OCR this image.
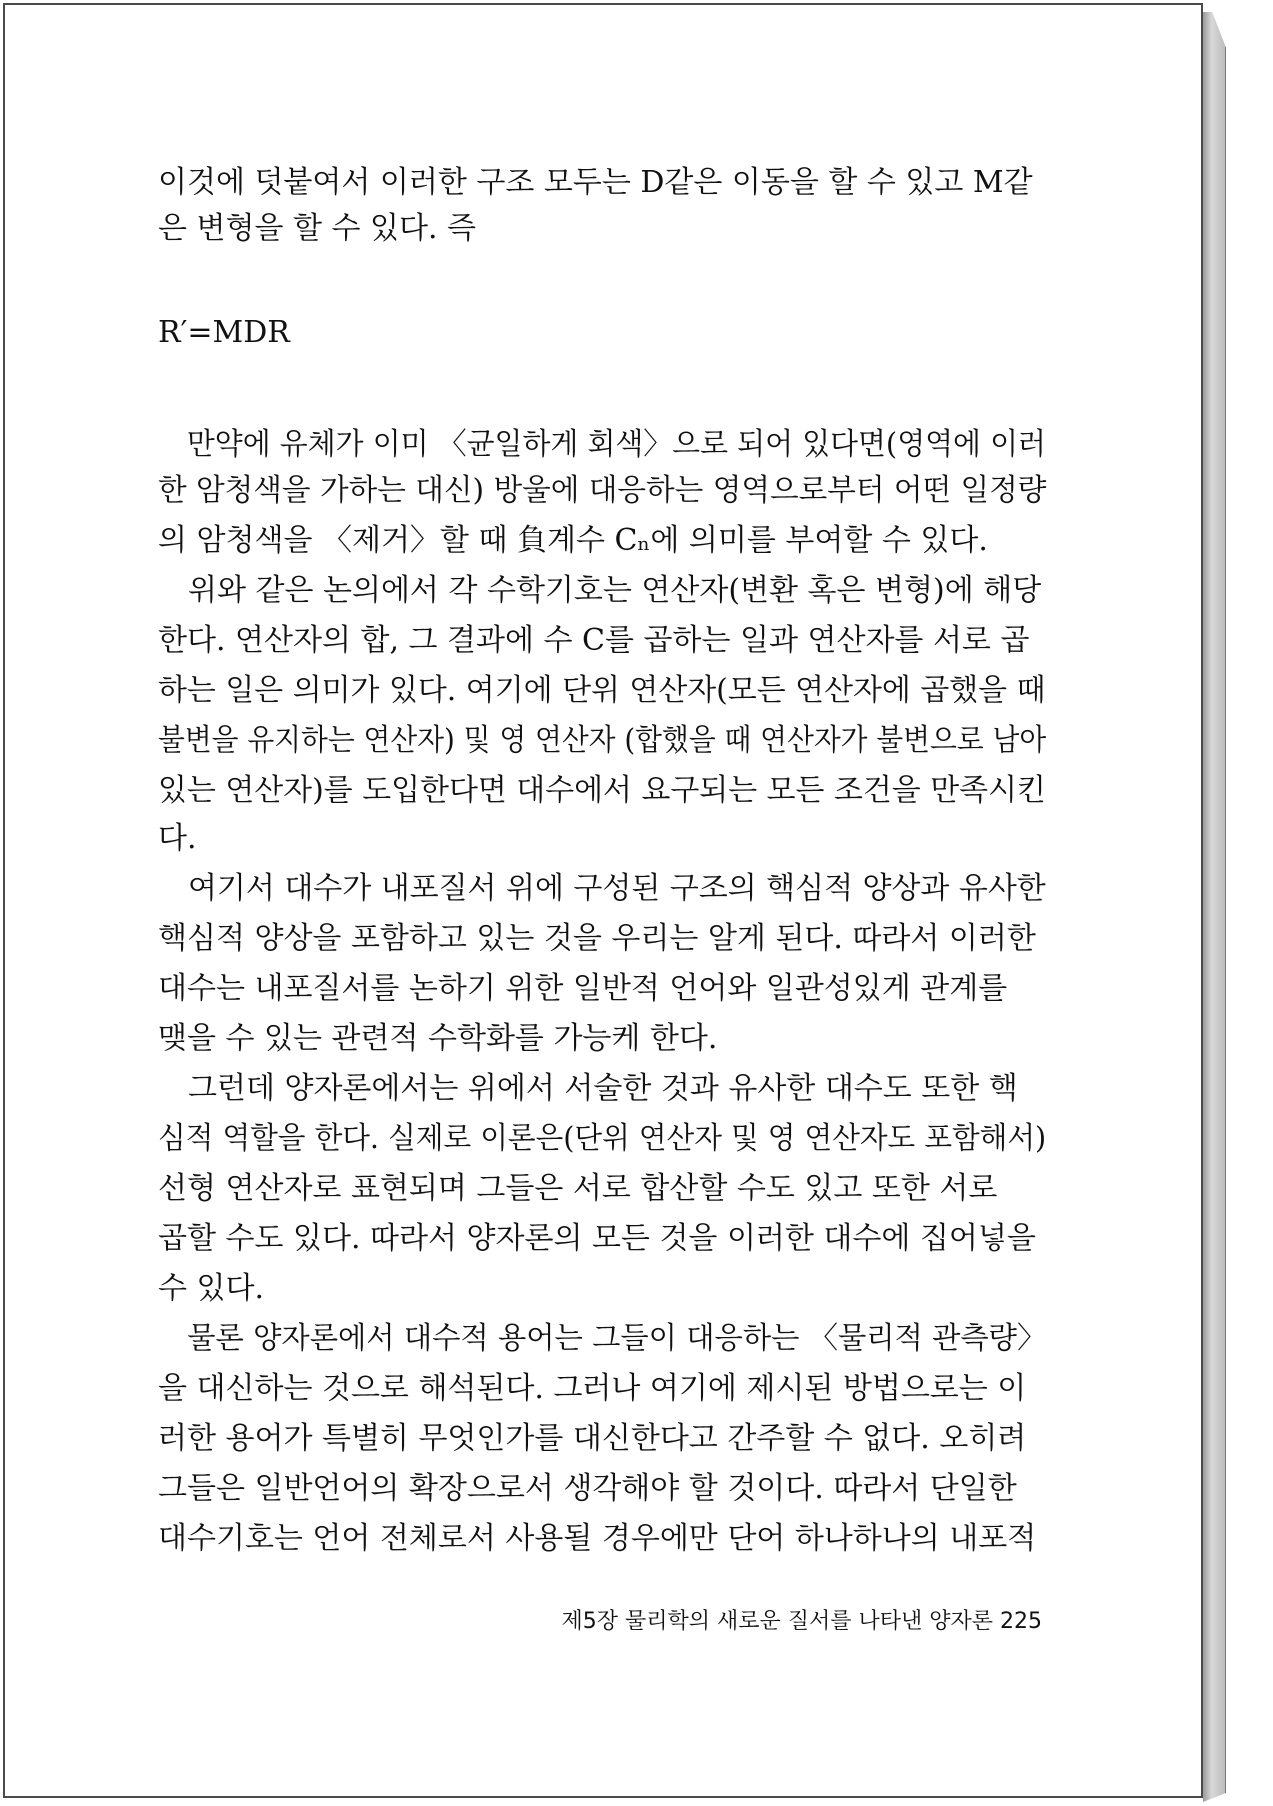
이것에 덧붙여서 이러한 구조 모두는 D같은 이동을 할 수 있고 M같
은 변형을 할 수 있다. 즉
R′=MDR
　만약에 유체가 이미 〈균일하게 회색〉으로 되어 있다면(영역에 이러
한 암청색을 가하는 대신) 방울에 대응하는 영역으로부터 어떤 일정량
의 암청색을 〈제거〉할 때 負계수 Cₙ에 의미를 부여할 수 있다.
　위와 같은 논의에서 각 수학기호는 연산자(변환 혹은 변형)에 해당
한다. 연산자의 합, 그 결과에 수 C를 곱하는 일과 연산자를 서로 곱
하는 일은 의미가 있다. 여기에 단위 연산자(모든 연산자에 곱했을 때
불변을 유지하는 연산자) 및 영 연산자 (합했을 때 연산자가 불변으로 남아
있는 연산자)를 도입한다면 대수에서 요구되는 모든 조건을 만족시킨
다.
　여기서 대수가 내포질서 위에 구성된 구조의 핵심적 양상과 유사한
핵심적 양상을 포함하고 있는 것을 우리는 알게 된다. 따라서 이러한
대수는 내포질서를 논하기 위한 일반적 언어와 일관성있게 관계를
맺을 수 있는 관련적 수학화를 가능케 한다.
　그런데 양자론에서는 위에서 서술한 것과 유사한 대수도 또한 핵
심적 역할을 한다. 실제로 이론은(단위 연산자 및 영 연산자도 포함해서)
선형 연산자로 표현되며 그들은 서로 합산할 수도 있고 또한 서로
곱할 수도 있다. 따라서 양자론의 모든 것을 이러한 대수에 집어넣을
수 있다.
　물론 양자론에서 대수적 용어는 그들이 대응하는 〈물리적 관측량〉
을 대신하는 것으로 해석된다. 그러나 여기에 제시된 방법으로는 이
러한 용어가 특별히 무엇인가를 대신한다고 간주할 수 없다. 오히려
그들은 일반언어의 확장으로서 생각해야 할 것이다. 따라서 단일한
대수기호는 언어 전체로서 사용될 경우에만 단어 하나하나의 내포적
제5장 물리학의 새로운 질서를 나타낸 양자론 225
